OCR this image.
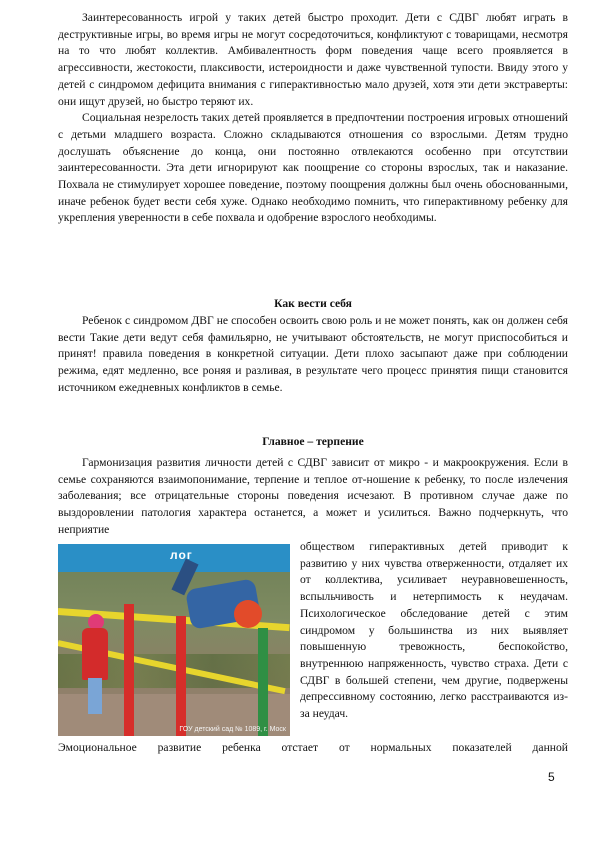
Заинтересованность игрой у таких детей быстро проходит. Дети с СДВГ любят играть в деструктивные игры, во время игры не могут сосредоточиться, конфликтуют с товарищами, несмотря на то что любят коллектив. Амбивалентность форм поведения чаще всего проявляется в агрессивности, жестокости, плаксивости, истероидности и даже чувственной тупости. Ввиду этого у детей с синдромом дефицита внимания с гиперактивностью мало друзей, хотя эти дети экстраверты: они ищут друзей, но быстро теряют их.

Социальная незрелость таких детей проявляется в предпочтении построения игровых отношений с детьми младшего возраста. Сложно складываются отношения со взрослыми. Детям трудно дослушать объяснение до конца, они постоянно отвлекаются особенно при отсутствии заинтересованности. Эта дети игнорируют как поощрение со стороны взрослых, так и наказание. Похвала не стимулирует хорошее поведение, поэтому поощрения должны был очень обоснованными, иначе ребенок будет вести себя хуже. Однако необходимо помнить, что гиперактивному ребенку для укрепления уверенности в себе похвала и одобрение взрослого необходимы.

Как вести себя

Ребенок с синдромом ДВГ не способен освоить свою роль и не может понять, как он должен себя вести Такие дети ведут себя фамильярно, не учитывают обстоятельств, не могут приспособиться и принят! правила поведения в конкретной ситуации. Дети плохо засыпают даже при соблюдении режима, едят медленно, все роняя и разливая, в результате чего процесс принятия пищи становится источником ежедневных конфликтов в семье.

Главное – терпение

Гармонизация развития личности детей с СДВГ зависит от микро - и макроокружения. Если в семье сохраняются взаимопонимание, терпение и теплое от-ношение к ребенку, то после излечения заболевания; все отрицательные стороны поведения исчезают. В противном случае даже по выздоровлении патология характера останется, а может и усилиться. Важно подчеркнуть, что неприятие

лог
ГОУ детский сад № 1089, г. Моск
обществом гиперактивных детей приводит к развитию у них чувства отверженности, отдаляет их от коллектива, усиливает неуравновешенность, вспыльчивость и нетерпимость к неудачам. Психологическое обследование детей с этим синдромом у большинства из них выявляет повышенную тревожность, беспокойство, внутреннюю напряженность, чувство страха. Дети с СДВГ в большей степени, чем другие, подвержены депрессивному состоянию, легко расстраиваются из-за неудач.
Эмоциональное развитие ребенка отстает от нормальных показателей данной
5
